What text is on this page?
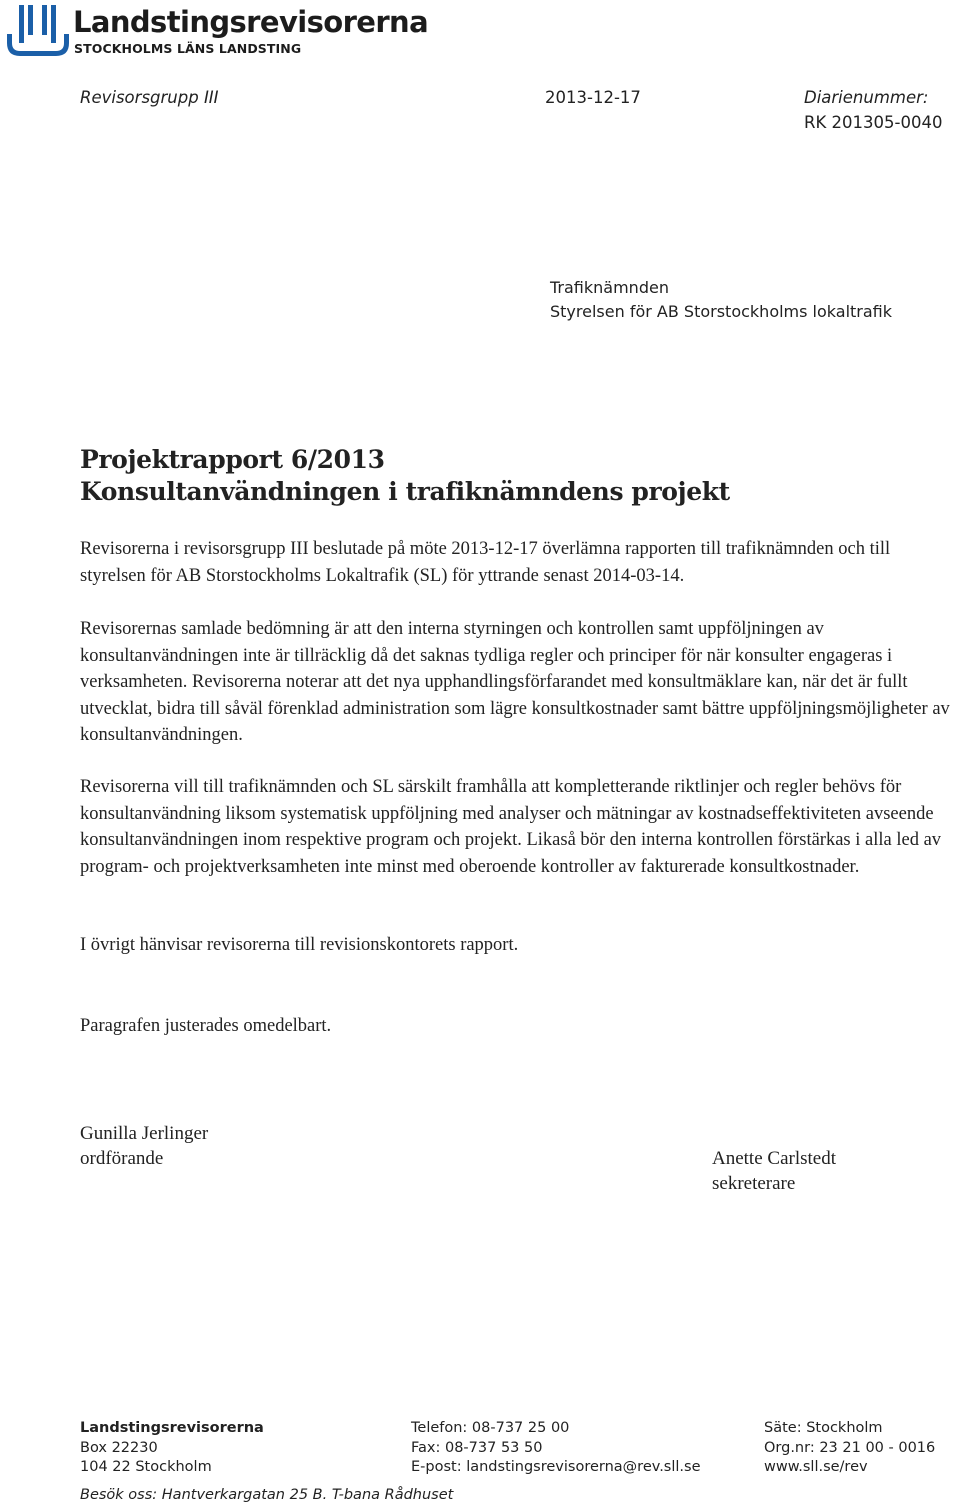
Landstingsrevisorerna
STOCKHOLMS LÄNS LANDSTING
Revisorsgrupp III	2013-12-17	Diarienummer:
RK 201305-0040
Trafiknämnden
Styrelsen för AB Storstockholms lokaltrafik
Projektrapport 6/2013
Konsultanvändningen i trafiknämndens projekt
Revisorerna i revisorsgrupp III beslutade på möte 2013-12-17 överlämna rapporten till trafiknämnden och till styrelsen för AB Storstockholms Lokaltrafik (SL) för yttrande senast 2014-03-14.
Revisorernas samlade bedömning är att den interna styrningen och kontrollen samt uppföljningen av konsultanvändningen inte är tillräcklig då det saknas tydliga regler och principer för när konsulter engageras i verksamheten. Revisorerna noterar att det nya upphandlingsförfarandet med konsultmäklare kan, när det är fullt utvecklat, bidra till såväl förenklad administration som lägre konsultkostnader samt bättre uppföljningsmöjligheter av konsultanvändningen.
Revisorerna vill till trafiknämnden och SL särskilt framhålla att kompletterande riktlinjer och regler behövs för konsultanvändning liksom systematisk uppföljning med analyser och mätningar av kostnadseffektiviteten avseende konsultanvändningen inom respektive program och projekt. Likaså bör den interna kontrollen förstärkas i alla led av program- och projektverksamheten inte minst med oberoende kontroller av fakturerade konsultkostnader.
I övrigt hänvisar revisorerna till revisionskontorets rapport.
Paragrafen justerades omedelbart.
Gunilla Jerlinger
ordförande	Anette Carlstedt
sekreterare
Landstingsrevisorerna
Box 22230
104 22 Stockholm
Telefon: 08-737 25 00
Fax: 08-737 53 50
E-post: landstingsrevisorerna@rev.sll.se
Säte: Stockholm
Org.nr: 23 21 00 - 0016
www.sll.se/rev
Besök oss: Hantverkargatan 25 B. T-bana Rådhuset
